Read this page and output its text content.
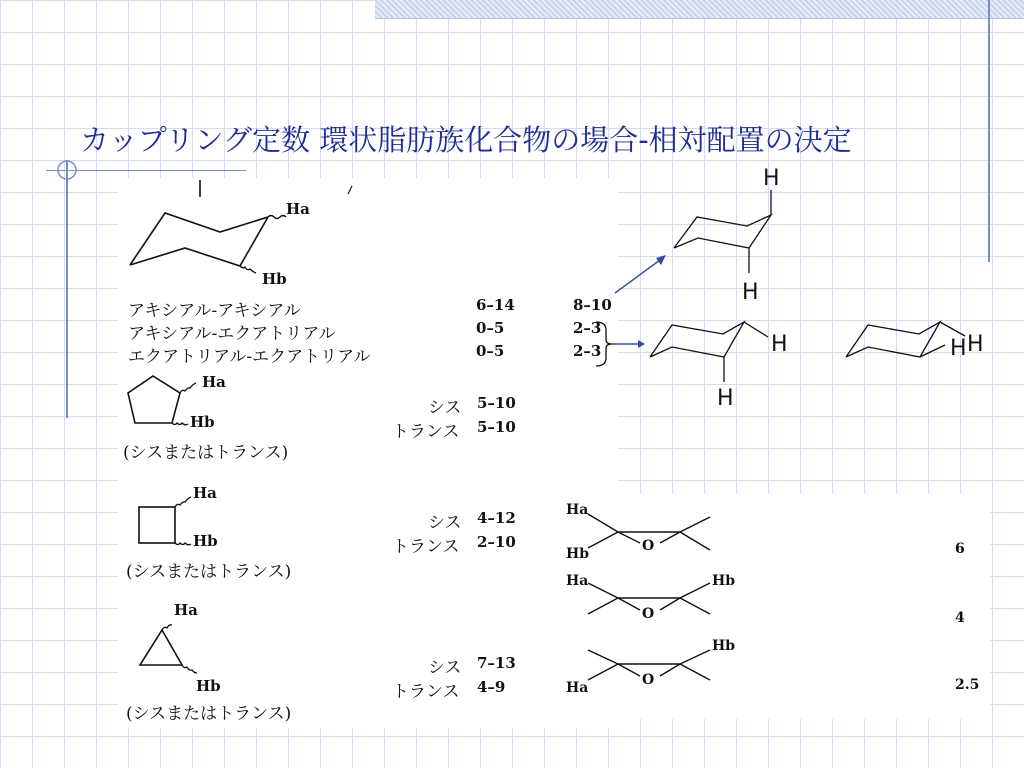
カップリング定数 環状脂肪族化合物の場合-相対配置の決定
Ha
Hb
アキシアル-アキシアル	6–14	8–10
アキシアル-エクアトリアル	0–5	2–3
エクアトリアル-エクアトリアル	0–5	2–3
Ha
Hb
(シスまたはトランス)
シス 5–10
トランス 5–10
Ha
Hb
(シスまたはトランス)
シス 4–12
トランス 2–10
Ha
Hb
(シスまたはトランス)
シス 7–13
トランス 4–9
H
H
H
H
H H
Ha
Hb	O	6
Ha	Hb
O	4
Hb
Ha	O	2.5
